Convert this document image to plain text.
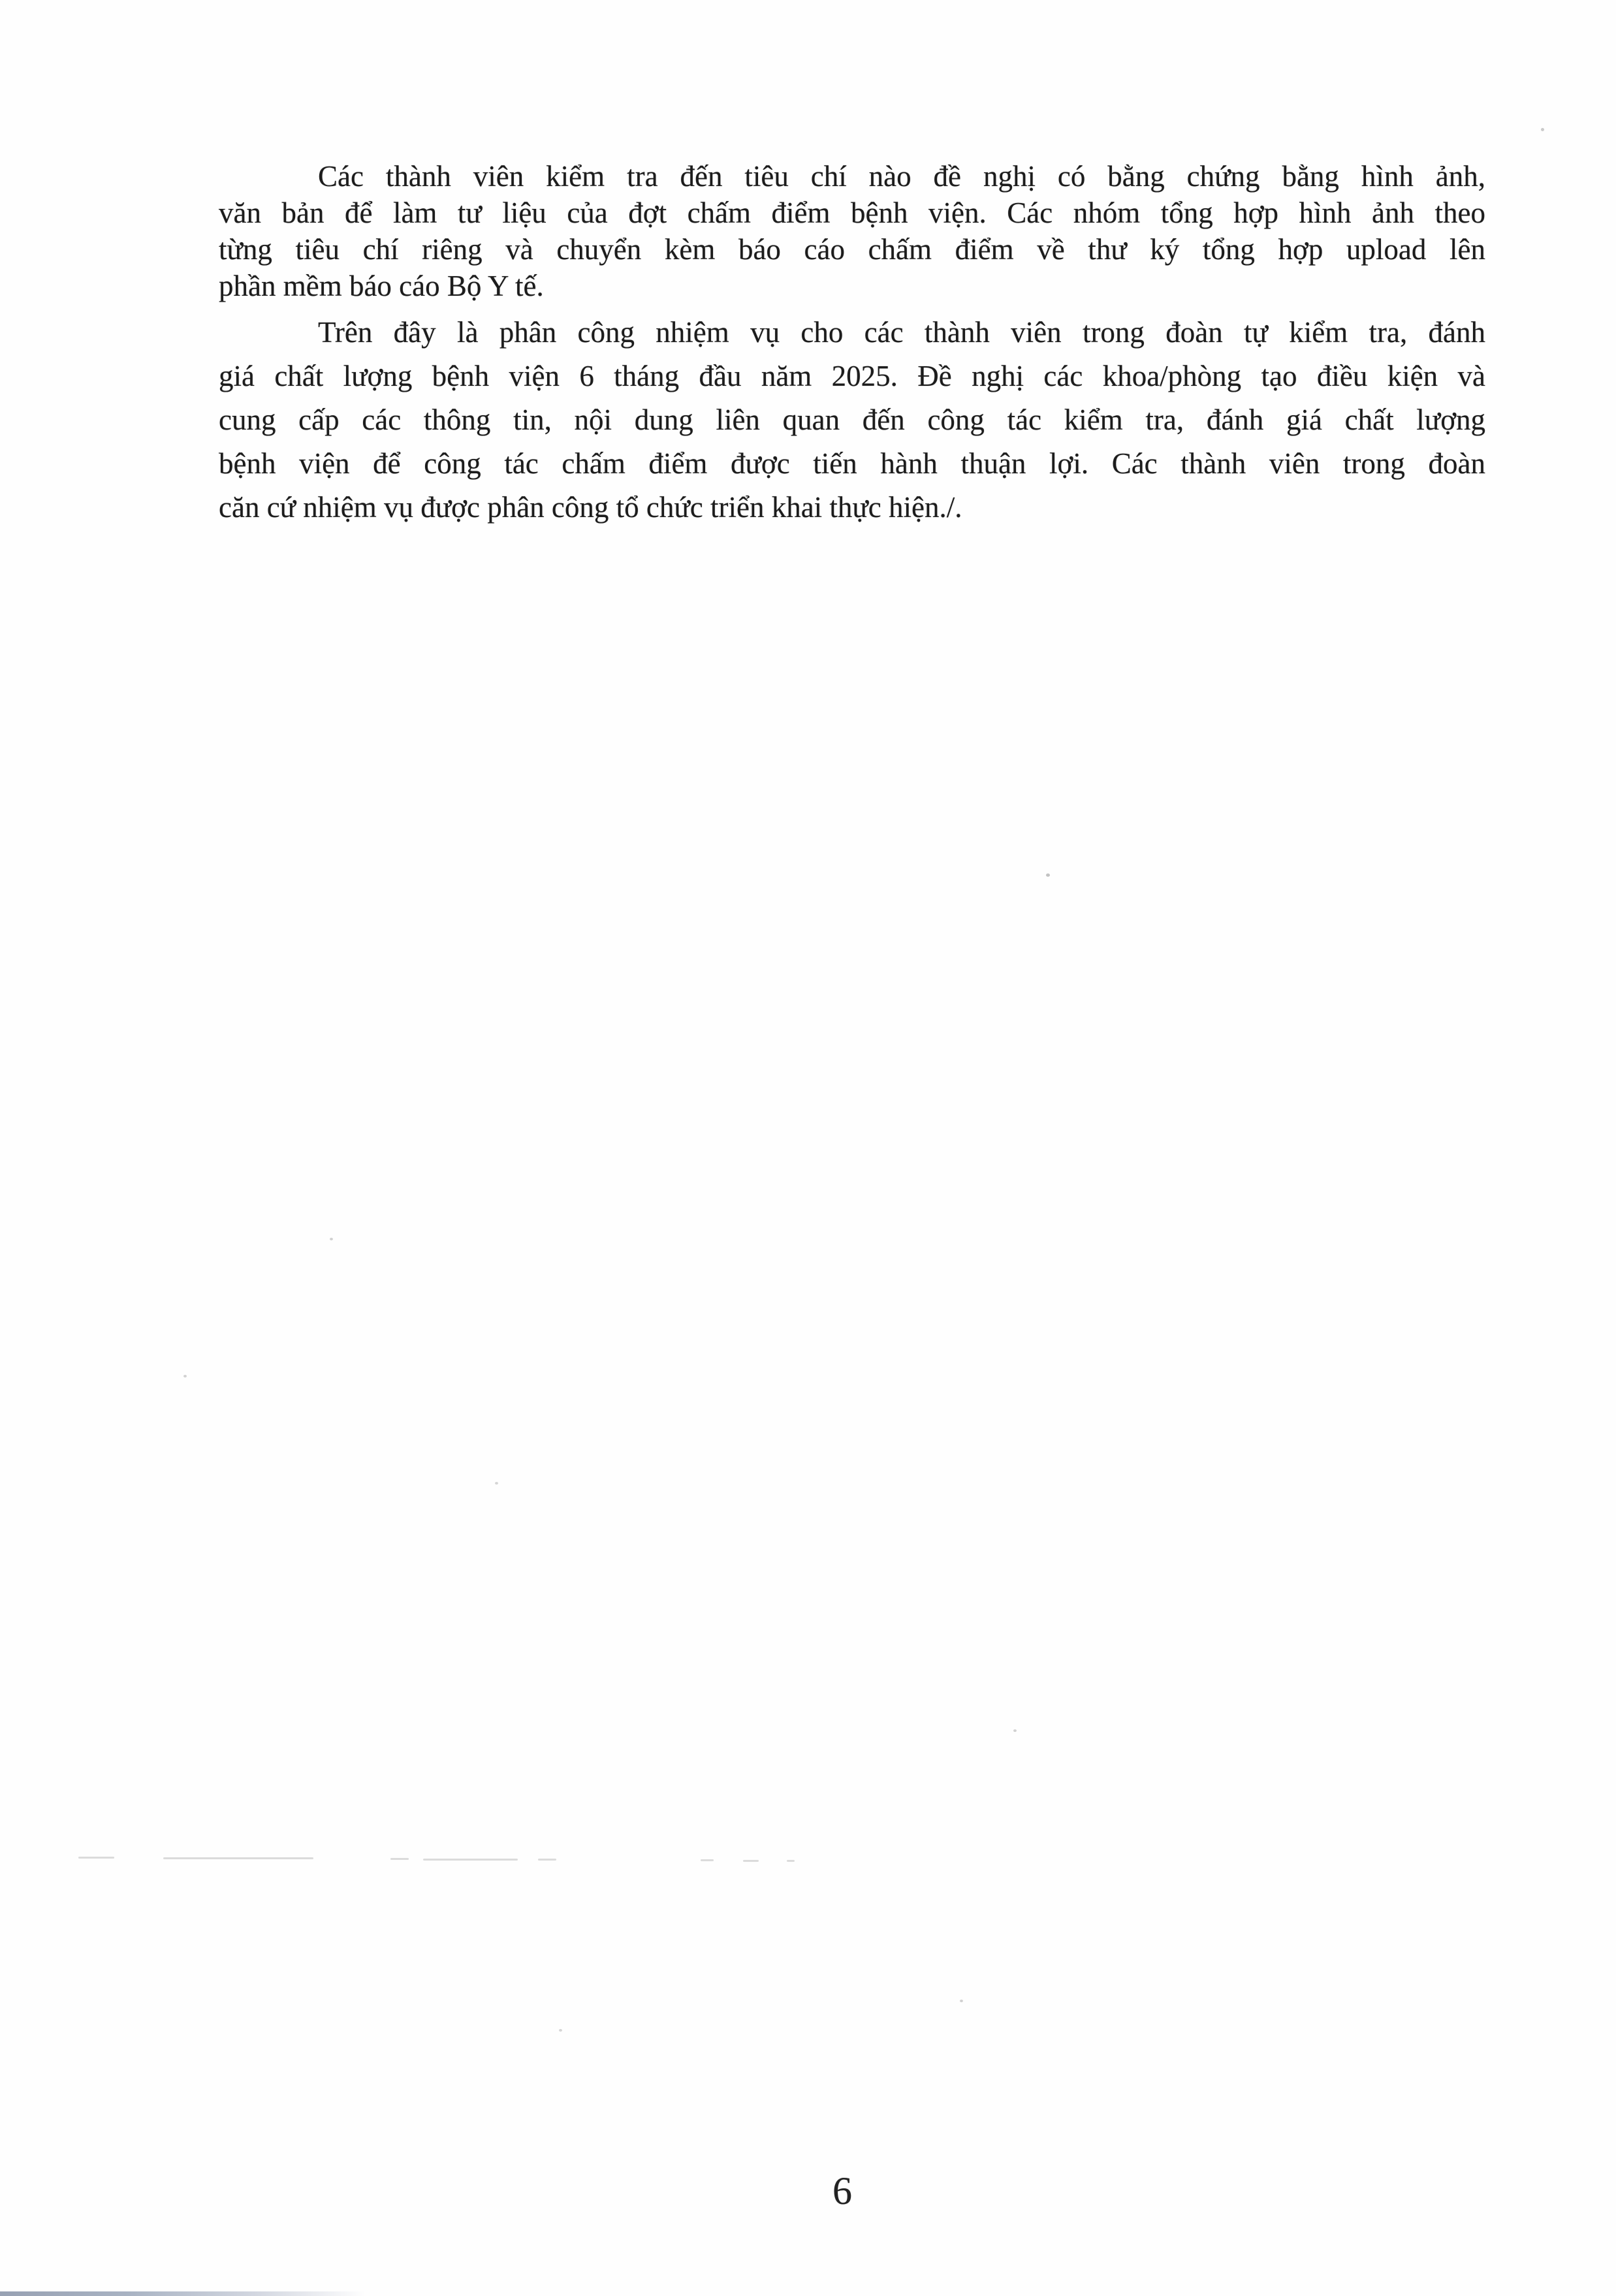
Các thành viên kiểm tra đến tiêu chí nào đề nghị có bằng chứng bằng hình ảnh,
văn bản để làm tư liệu của đợt chấm điểm bệnh viện. Các nhóm tổng hợp hình ảnh theo
từng tiêu chí riêng và chuyển kèm báo cáo chấm điểm về thư ký tổng hợp upload lên
phần mềm báo cáo Bộ Y tế.

Trên đây là phân công nhiệm vụ cho các thành viên trong đoàn tự kiểm tra, đánh
giá chất lượng bệnh viện 6 tháng đầu năm 2025. Đề nghị các khoa/phòng tạo điều kiện và
cung cấp các thông tin, nội dung liên quan đến công tác kiểm tra, đánh giá chất lượng
bệnh viện để công tác chấm điểm được tiến hành thuận lợi. Các thành viên trong đoàn
căn cứ nhiệm vụ được phân công tổ chức triển khai thực hiện./.

6
